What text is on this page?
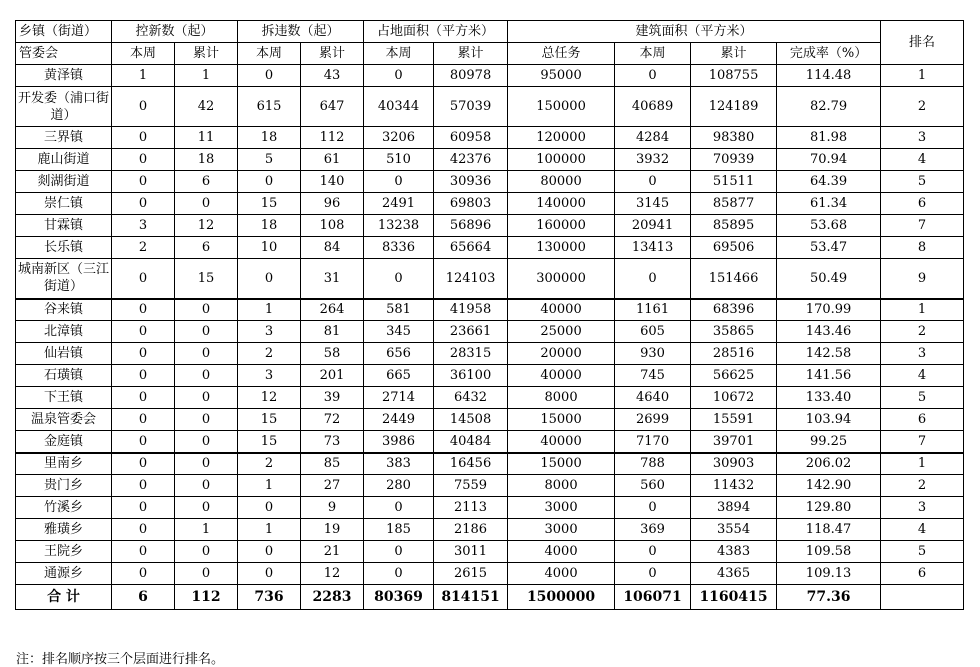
乡镇（街道）	控新数（起）		拆违数（起）		占地面积（平方米）		建筑面积（平方米）				排名
管委会	本周	累计	本周	累计	本周	累计	总任务	本周	累计	完成率（%）	
黄泽镇	1	1	0	43	0	80978	95000	0	108755	114.48	1
开发委（浦口街道）	0	42	615	647	40344	57039	150000	40689	124189	82.79	2
三界镇	0	11	18	112	3206	60958	120000	4284	98380	81.98	3
鹿山街道	0	18	5	61	510	42376	100000	3932	70939	70.94	4
剡湖街道	0	6	0	140	0	30936	80000	0	51511	64.39	5
崇仁镇	0	0	15	96	2491	69803	140000	3145	85877	61.34	6
甘霖镇	3	12	18	108	13238	56896	160000	20941	85895	53.68	7
长乐镇	2	6	10	84	8336	65664	130000	13413	69506	53.47	8
城南新区（三江街道）	0	15	0	31	0	124103	300000	0	151466	50.49	9
谷来镇	0	0	1	264	581	41958	40000	1161	68396	170.99	1
北漳镇	0	0	3	81	345	23661	25000	605	35865	143.46	2
仙岩镇	0	0	2	58	656	28315	20000	930	28516	142.58	3
石璜镇	0	0	3	201	665	36100	40000	745	56625	141.56	4
下王镇	0	0	12	39	2714	6432	8000	4640	10672	133.40	5
温泉管委会	0	0	15	72	2449	14508	15000	2699	15591	103.94	6
金庭镇	0	0	15	73	3986	40484	40000	7170	39701	99.25	7
里南乡	0	0	2	85	383	16456	15000	788	30903	206.02	1
贵门乡	0	0	1	27	280	7559	8000	560	11432	142.90	2
竹溪乡	0	0	0	9	0	2113	3000	0	3894	129.80	3
雅璜乡	0	1	1	19	185	2186	3000	369	3554	118.47	4
王院乡	0	0	0	21	0	3011	4000	0	4383	109.58	5
通源乡	0	0	0	12	0	2615	4000	0	4365	109.13	6
合 计	6	112	736	2283	80369	814151	1500000	106071	1160415	77.36	
注：排名顺序按三个层面进行排名。
